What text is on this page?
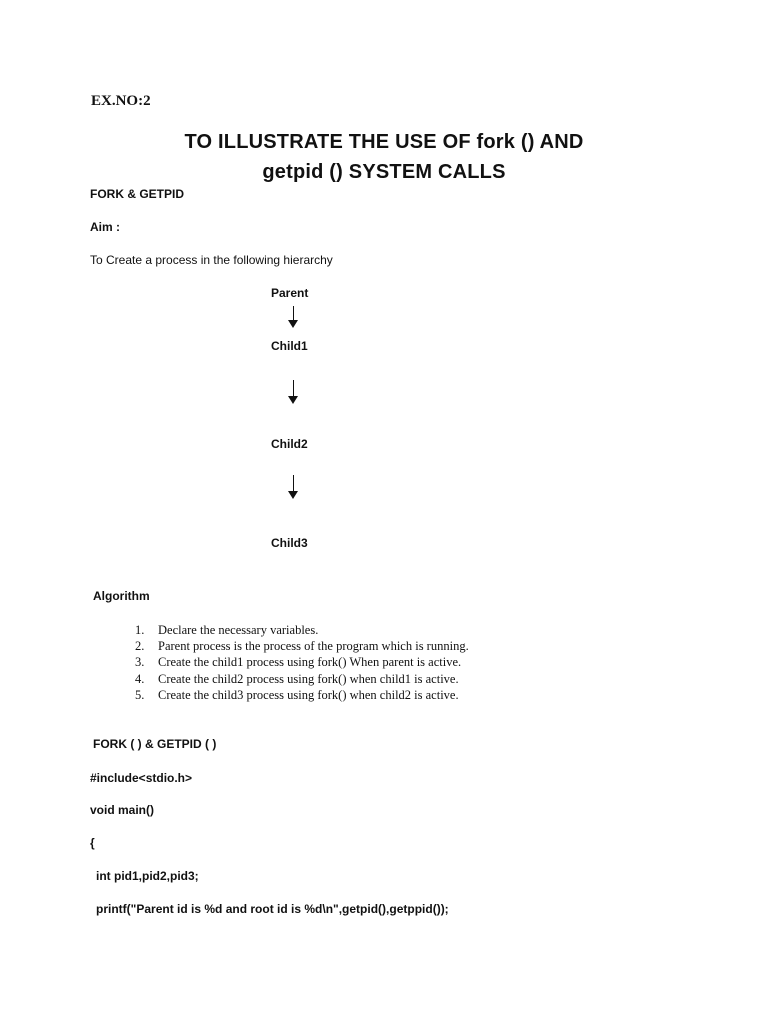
EX.NO:2
TO ILLUSTRATE THE USE OF fork () AND
getpid () SYSTEM CALLS
FORK & GETPID
Aim :
To Create a process in the following hierarchy
Parent
Child1
Child2
Child3
Algorithm
1. Declare the necessary variables.
2. Parent process is the process of the program which is running.
3. Create the child1 process using fork() When parent is active.
4. Create the child2 process using fork() when child1 is active.
5. Create the child3 process using fork() when child2 is active.
FORK ( ) & GETPID ( )
#include<stdio.h>
void main()
{
int pid1,pid2,pid3;
printf("Parent id is %d and root id is %d\n",getpid(),getppid());
